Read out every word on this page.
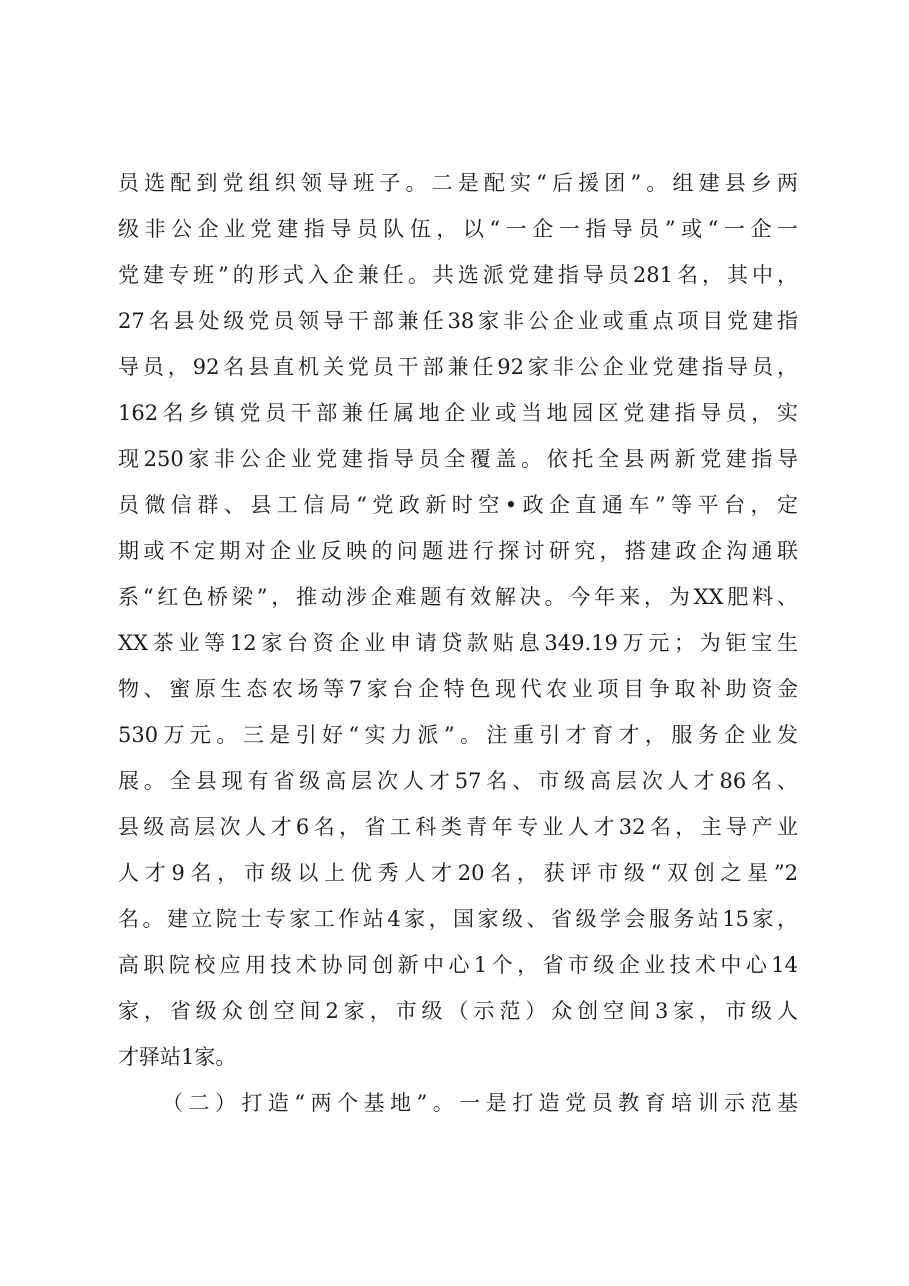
员选配到党组织领导班子。二是配实“后援团”。组建县乡两
级非公企业党建指导员队伍，以“一企一指导员”或“一企一
党建专班”的形式入企兼任。共选派党建指导员281名，其中，
27名县处级党员领导干部兼任38家非公企业或重点项目党建指
导员，92名县直机关党员干部兼任92家非公企业党建指导员，
162名乡镇党员干部兼任属地企业或当地园区党建指导员，实
现250家非公企业党建指导员全覆盖。依托全县两新党建指导
员微信群、县工信局“党政新时空•政企直通车”等平台，定
期或不定期对企业反映的问题进行探讨研究，搭建政企沟通联
系“红色桥梁”，推动涉企难题有效解决。今年来，为XX肥料、
XX茶业等12家台资企业申请贷款贴息349.19万元；为钜宝生
物、蜜原生态农场等7家台企特色现代农业项目争取补助资金
530万元。三是引好“实力派”。注重引才育才，服务企业发
展。全县现有省级高层次人才57名、市级高层次人才86名、
县级高层次人才6名，省工科类青年专业人才32名，主导产业
人才9名，市级以上优秀人才20名，获评市级“双创之星”2
名。建立院士专家工作站4家，国家级、省级学会服务站15家，
高职院校应用技术协同创新中心1个，省市级企业技术中心14
家，省级众创空间2家，市级（示范）众创空间3家，市级人
才驿站1家。
（二）打造“两个基地”。一是打造党员教育培训示范基
